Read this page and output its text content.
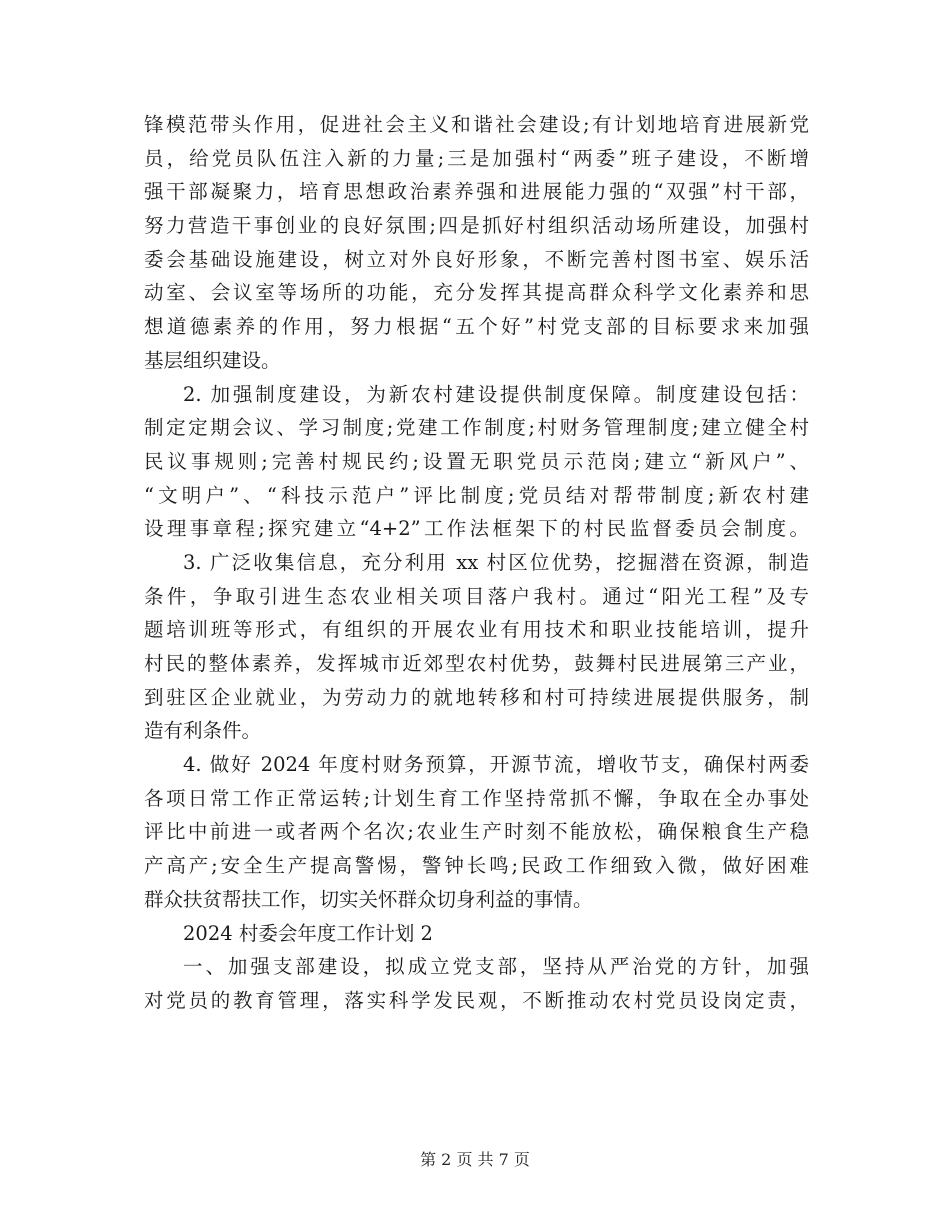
锋模范带头作用，促进社会主义和谐社会建设;有计划地培育进展新党
员，给党员队伍注入新的力量;三是加强村“两委”班子建设，不断增
强干部凝聚力，培育思想政治素养强和进展能力强的“双强”村干部，
努力营造干事创业的良好氛围;四是抓好村组织活动场所建设，加强村
委会基础设施建设，树立对外良好形象，不断完善村图书室、娱乐活
动室、会议室等场所的功能，充分发挥其提高群众科学文化素养和思
想道德素养的作用，努力根据“五个好”村党支部的目标要求来加强
基层组织建设。
2. 加强制度建设，为新农村建设提供制度保障。制度建设包括：
制定定期会议、学习制度;党建工作制度;村财务管理制度;建立健全村
民议事规则;完善村规民约;设置无职党员示范岗;建立“新风户”、
“文明户”、“科技示范户”评比制度;党员结对帮带制度;新农村建
设理事章程;探究建立“4+2”工作法框架下的村民监督委员会制度。
3. 广泛收集信息，充分利用 xx 村区位优势，挖掘潜在资源，制造
条件，争取引进生态农业相关项目落户我村。通过“阳光工程”及专
题培训班等形式，有组织的开展农业有用技术和职业技能培训，提升
村民的整体素养，发挥城市近郊型农村优势，鼓舞村民进展第三产业，
到驻区企业就业，为劳动力的就地转移和村可持续进展提供服务，制
造有利条件。
4. 做好 2024 年度村财务预算，开源节流，增收节支，确保村两委
各项日常工作正常运转;计划生育工作坚持常抓不懈，争取在全办事处
评比中前进一或者两个名次;农业生产时刻不能放松，确保粮食生产稳
产高产;安全生产提高警惕，警钟长鸣;民政工作细致入微，做好困难
群众扶贫帮扶工作，切实关怀群众切身利益的事情。
2024 村委会年度工作计划 2
一、加强支部建设，拟成立党支部，坚持从严治党的方针，加强
对党员的教育管理，落实科学发民观，不断推动农村党员设岗定责，
第 2 页 共 7 页
